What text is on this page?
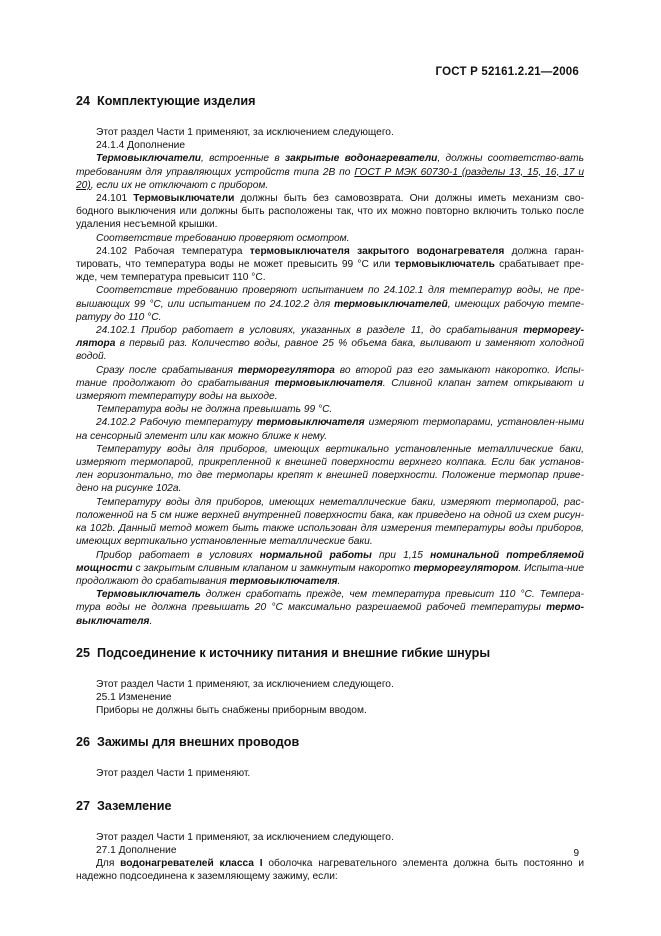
ГОСТ Р 52161.2.21—2006
24 Комплектующие изделия

Этот раздел Части 1 применяют, за исключением следующего.

24.1.4 Дополнение

Термовыключатели, встроенные в закрытые водонагреватели, должны соответство-вать требованиям для управляющих устройств типа 2В по ГОСТ Р МЭК 60730-1 (разделы 13, 15, 16, 17 и 20), если их не отключают с прибором.

24.101 Термовыключатели должны быть без самовозврата. Они должны иметь механизм сво-бодного выключения или должны быть расположены так, что их можно повторно включить только после удаления несъемной крышки.

Соответствие требованию проверяют осмотром.

24.102 Рабочая температура термовыключателя закрытого водонагревателя должна гаран-тировать, что температура воды не может превысить 99 °С или термовыключатель срабатывает пре-жде, чем температура превысит 110 °С.

Соответствие требованию проверяют испытанием по 24.102.1 для температур воды, не пре-вышающих 99 °С, или испытанием по 24.102.2 для термовыключателей, имеющих рабочую темпе-ратуру до 110 °С.

24.102.1 Прибор работает в условиях, указанных в разделе 11, до срабатывания терморегу-лятора в первый раз. Количество воды, равное 25 % объема бака, выливают и заменяют холодной водой.

Сразу после срабатывания терморегулятора во второй раз его замыкают накоротко. Испы-тание продолжают до срабатывания термовыключателя. Сливной клапан затем открывают и измеряют температуру воды на выходе.

Температура воды не должна превышать 99 °С.

24.102.2 Рабочую температуру термовыключателя измеряют термопарами, установлен-ными на сенсорный элемент или как можно ближе к нему.

Температуру воды для приборов, имеющих вертикально установленные металлические баки, измеряют термопарой, прикрепленной к внешней поверхности верхнего колпака. Если бак установ-лен горизонтально, то две термопары крепят к внешней поверхности. Положение термопар приве-дено на рисунке 102а.

Температуру воды для приборов, имеющих неметаллические баки, измеряют термопарой, рас-положенной на 5 см ниже верхней внутренней поверхности бака, как приведено на одной из схем рисун-ка 102b. Данный метод может быть также использован для измерения температуры воды приборов, имеющих вертикально установленные металлические баки.

Прибор работает в условиях нормальной работы при 1,15 номинальной потребляемой мощности с закрытым сливным клапаном и замкнутым накоротко терморегулятором. Испыта-ние продолжают до срабатывания термовыключателя.

Термовыключатель должен сработать прежде, чем температура превысит 110 °С. Темпера-тура воды не должна превышать 20 °С максимально разрешаемой рабочей температуры термо-выключателя.

25 Подсоединение к источнику питания и внешние гибкие шнуры

Этот раздел Части 1 применяют, за исключением следующего.

25.1 Изменение

Приборы не должны быть снабжены приборным вводом.

26 Зажимы для внешних проводов

Этот раздел Части 1 применяют.

27 Заземление

Этот раздел Части 1 применяют, за исключением следующего.

27.1 Дополнение

Для водонагревателей класса I оболочка нагревательного элемента должна быть постоянно и надежно подсоединена к заземляющему зажиму, если:

9
